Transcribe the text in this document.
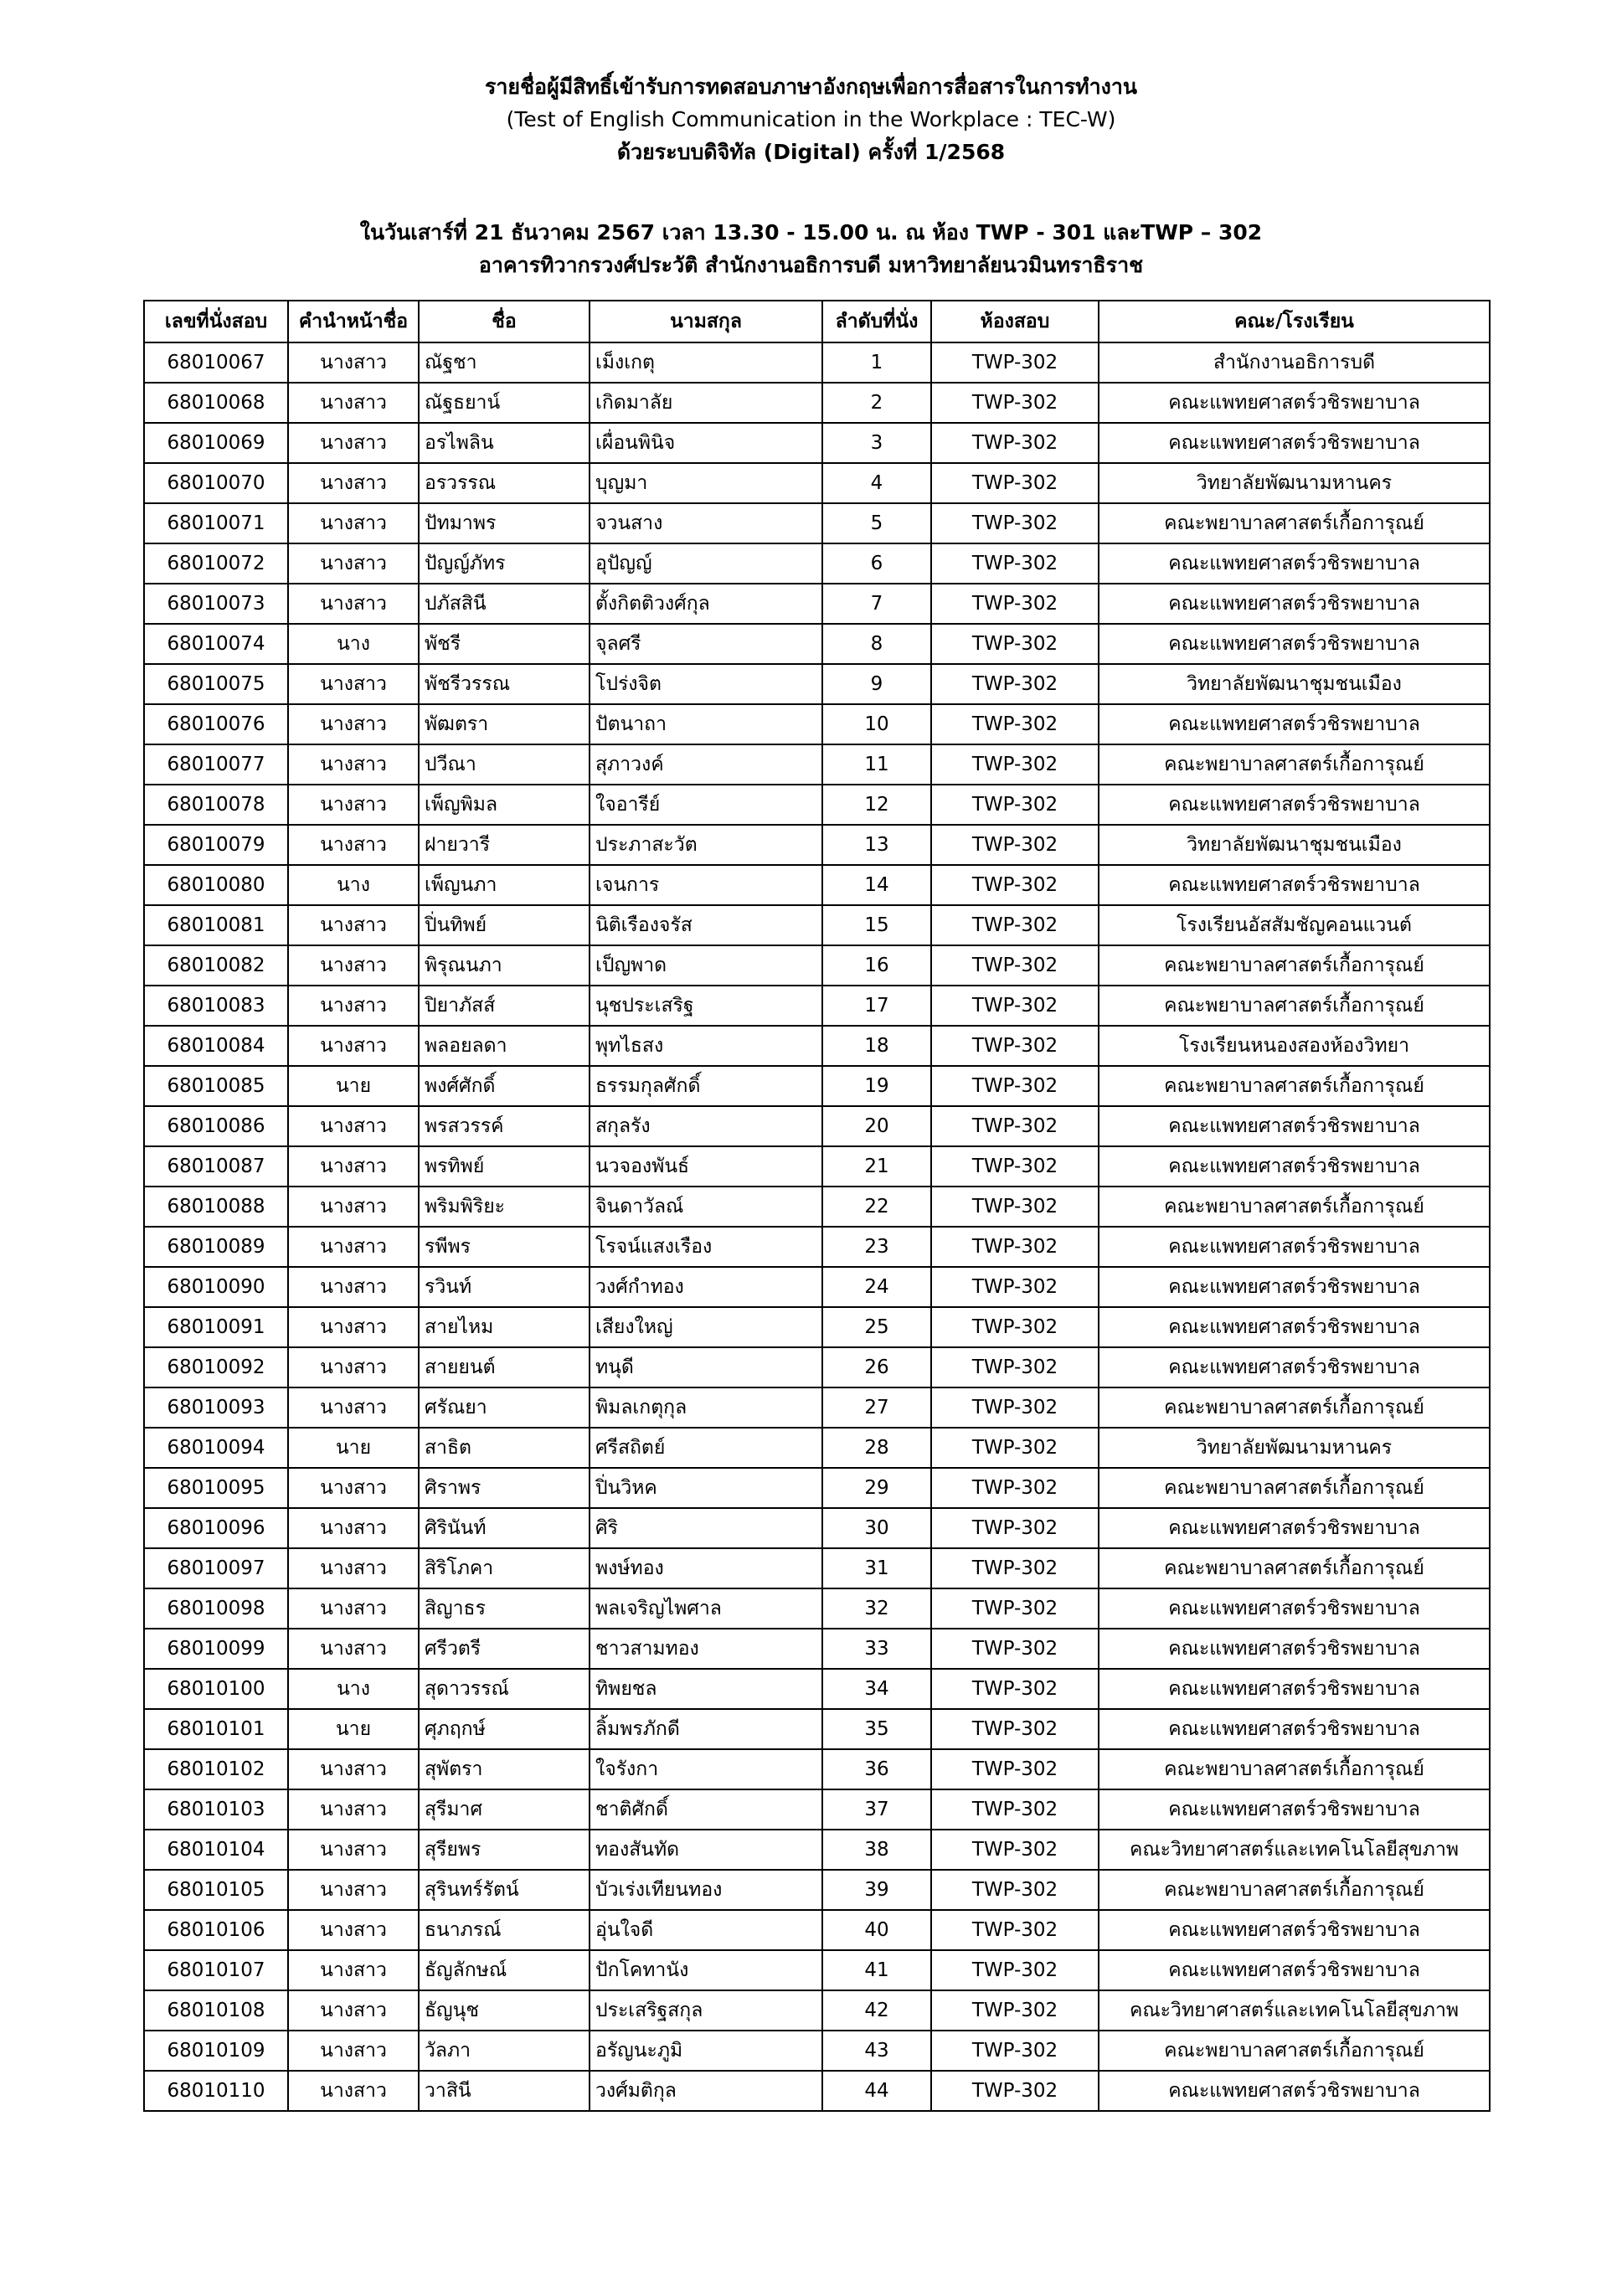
รายชื่อผู้มีสิทธิ์เข้ารับการทดสอบภาษาอังกฤษเพื่อการสื่อสารในการทำงาน
(Test of English Communication in the Workplace : TEC-W)
ด้วยระบบดิจิทัล (Digital) ครั้งที่ 1/2568
ในวันเสาร์ที่ 21 ธันวาคม 2567 เวลา 13.30 - 15.00 น. ณ ห้อง TWP - 301 และTWP – 302
อาคารทิวากรวงศ์ประวัติ สำนักงานอธิการบดี มหาวิทยาลัยนวมินทราธิราช
เลขที่นั่งสอบ	คำนำหน้าชื่อ	ชื่อ	นามสกุล	ลำดับที่นั่ง	ห้องสอบ	คณะ/โรงเรียน
68010067	นางสาว	ณัฐชา	เม็งเกตุ	1	TWP-302	สำนักงานอธิการบดี
68010068	นางสาว	ณัฐธยาน์	เกิดมาลัย	2	TWP-302	คณะแพทยศาสตร์วชิรพยาบาล
68010069	นางสาว	อรไพลิน	เผื่อนพินิจ	3	TWP-302	คณะแพทยศาสตร์วชิรพยาบาล
68010070	นางสาว	อรวรรณ	บุญมา	4	TWP-302	วิทยาลัยพัฒนามหานคร
68010071	นางสาว	ปัทมาพร	จวนสาง	5	TWP-302	คณะพยาบาลศาสตร์เกื้อการุณย์
68010072	นางสาว	ปัญญ์ภัทร	อุปัญญ์	6	TWP-302	คณะแพทยศาสตร์วชิรพยาบาล
68010073	นางสาว	ปภัสสินี	ตั้งกิตติวงศ์กุล	7	TWP-302	คณะแพทยศาสตร์วชิรพยาบาล
68010074	นาง	พัชรี	จุลศรี	8	TWP-302	คณะแพทยศาสตร์วชิรพยาบาล
68010075	นางสาว	พัชรีวรรณ	โปร่งจิต	9	TWP-302	วิทยาลัยพัฒนาชุมชนเมือง
68010076	นางสาว	พัฒตรา	ปัตนาถา	10	TWP-302	คณะแพทยศาสตร์วชิรพยาบาล
68010077	นางสาว	ปวีณา	สุภาวงค์	11	TWP-302	คณะพยาบาลศาสตร์เกื้อการุณย์
68010078	นางสาว	เพ็ญพิมล	ใจอารีย์	12	TWP-302	คณะแพทยศาสตร์วชิรพยาบาล
68010079	นางสาว	ฝายวารี	ประภาสะวัต	13	TWP-302	วิทยาลัยพัฒนาชุมชนเมือง
68010080	นาง	เพ็ญนภา	เจนการ	14	TWP-302	คณะแพทยศาสตร์วชิรพยาบาล
68010081	นางสาว	ปิ่นทิพย์	นิติเรืองจรัส	15	TWP-302	โรงเรียนอัสสัมชัญคอนแวนต์
68010082	นางสาว	พิรุณนภา	เป็ญพาด	16	TWP-302	คณะพยาบาลศาสตร์เกื้อการุณย์
68010083	นางสาว	ปิยาภัสส์	นุชประเสริฐ	17	TWP-302	คณะพยาบาลศาสตร์เกื้อการุณย์
68010084	นางสาว	พลอยลดา	พุทไธสง	18	TWP-302	โรงเรียนหนองสองห้องวิทยา
68010085	นาย	พงศ์ศักดิ์	ธรรมกุลศักดิ์	19	TWP-302	คณะพยาบาลศาสตร์เกื้อการุณย์
68010086	นางสาว	พรสวรรค์	สกุลรัง	20	TWP-302	คณะแพทยศาสตร์วชิรพยาบาล
68010087	นางสาว	พรทิพย์	นวจองพันธ์	21	TWP-302	คณะแพทยศาสตร์วชิรพยาบาล
68010088	นางสาว	พริมพิริยะ	จินดาวัลณ์	22	TWP-302	คณะพยาบาลศาสตร์เกื้อการุณย์
68010089	นางสาว	รพีพร	โรจน์แสงเรือง	23	TWP-302	คณะแพทยศาสตร์วชิรพยาบาล
68010090	นางสาว	รวินท์	วงศ์กำทอง	24	TWP-302	คณะแพทยศาสตร์วชิรพยาบาล
68010091	นางสาว	สายไหม	เสียงใหญ่	25	TWP-302	คณะแพทยศาสตร์วชิรพยาบาล
68010092	นางสาว	สายยนต์	ทนุดี	26	TWP-302	คณะแพทยศาสตร์วชิรพยาบาล
68010093	นางสาว	ศรัณยา	พิมลเกตุกุล	27	TWP-302	คณะพยาบาลศาสตร์เกื้อการุณย์
68010094	นาย	สาธิต	ศรีสถิตย์	28	TWP-302	วิทยาลัยพัฒนามหานคร
68010095	นางสาว	ศิราพร	ปิ่นวิหค	29	TWP-302	คณะพยาบาลศาสตร์เกื้อการุณย์
68010096	นางสาว	ศิรินันท์	ศิริ	30	TWP-302	คณะแพทยศาสตร์วชิรพยาบาล
68010097	นางสาว	สิริโภคา	พงษ์ทอง	31	TWP-302	คณะพยาบาลศาสตร์เกื้อการุณย์
68010098	นางสาว	สิญาธร	พลเจริญไพศาล	32	TWP-302	คณะแพทยศาสตร์วชิรพยาบาล
68010099	นางสาว	ศรีวตรี	ชาวสามทอง	33	TWP-302	คณะแพทยศาสตร์วชิรพยาบาล
68010100	นาง	สุดาวรรณ์	ทิพยชล	34	TWP-302	คณะแพทยศาสตร์วชิรพยาบาล
68010101	นาย	ศุภฤกษ์	ลิ้มพรภักดี	35	TWP-302	คณะแพทยศาสตร์วชิรพยาบาล
68010102	นางสาว	สุพัตรา	ใจรังกา	36	TWP-302	คณะพยาบาลศาสตร์เกื้อการุณย์
68010103	นางสาว	สุรีมาศ	ชาติศักดิ์	37	TWP-302	คณะแพทยศาสตร์วชิรพยาบาล
68010104	นางสาว	สุรียพร	ทองสันทัด	38	TWP-302	คณะวิทยาศาสตร์และเทคโนโลยีสุขภาพ
68010105	นางสาว	สุรินทร์รัตน์	บัวเร่งเทียนทอง	39	TWP-302	คณะพยาบาลศาสตร์เกื้อการุณย์
68010106	นางสาว	ธนาภรณ์	อุ่นใจดี	40	TWP-302	คณะแพทยศาสตร์วชิรพยาบาล
68010107	นางสาว	ธัญลักษณ์	ปักโคทานัง	41	TWP-302	คณะแพทยศาสตร์วชิรพยาบาล
68010108	นางสาว	ธัญนุช	ประเสริฐสกุล	42	TWP-302	คณะวิทยาศาสตร์และเทคโนโลยีสุขภาพ
68010109	นางสาว	วัลภา	อรัญนะภูมิ	43	TWP-302	คณะพยาบาลศาสตร์เกื้อการุณย์
68010110	นางสาว	วาสินี	วงศ์มติกุล	44	TWP-302	คณะแพทยศาสตร์วชิรพยาบาล
